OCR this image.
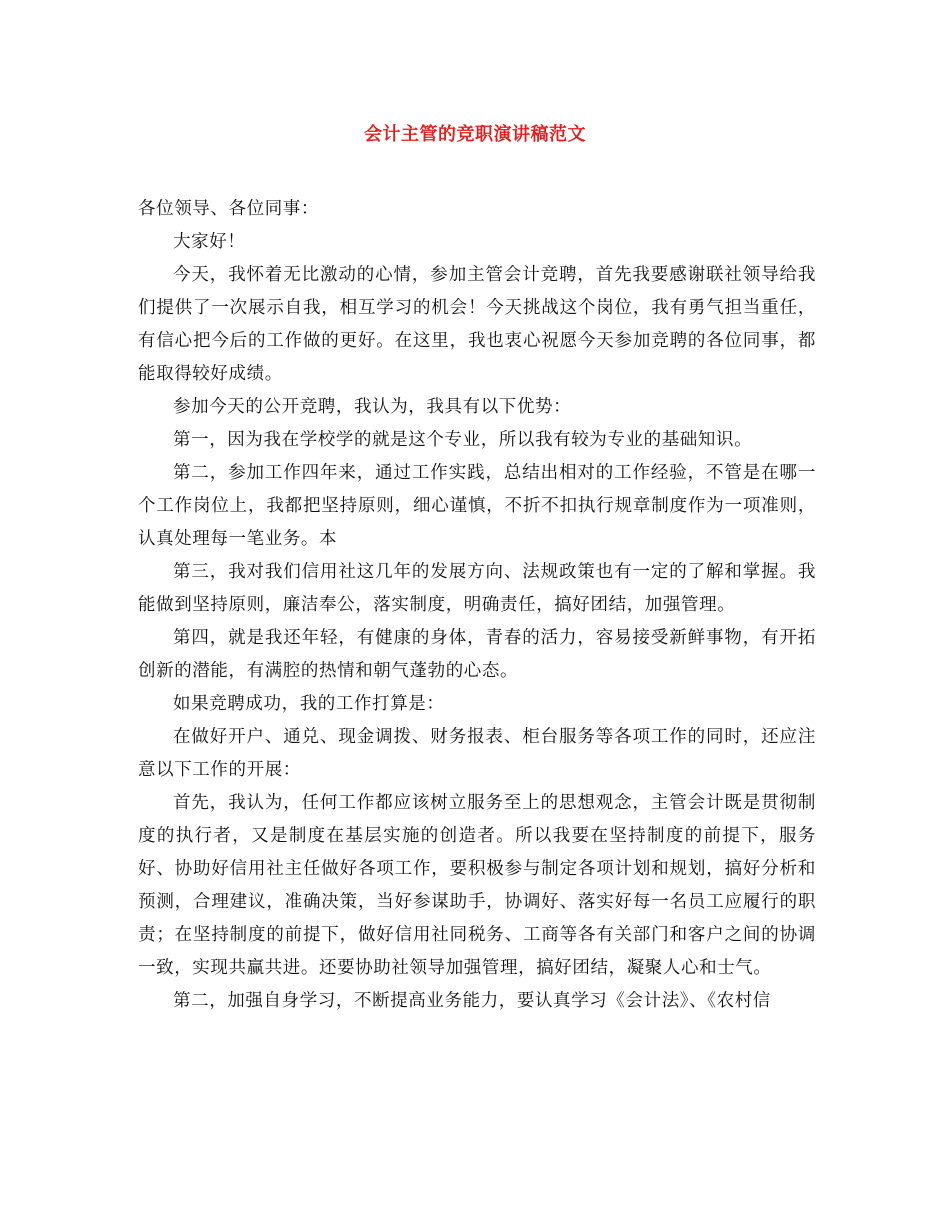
会计主管的竞职演讲稿范文

各位领导、各位同事：

大家好！

今天，我怀着无比激动的心情，参加主管会计竞聘，首先我要感谢联社领导给我们提供了一次展示自我，相互学习的机会！今天挑战这个岗位，我有勇气担当重任，有信心把今后的工作做的更好。在这里，我也衷心祝愿今天参加竞聘的各位同事，都能取得较好成绩。

参加今天的公开竞聘，我认为，我具有以下优势：

第一，因为我在学校学的就是这个专业，所以我有较为专业的基础知识。

第二，参加工作四年来，通过工作实践，总结出相对的工作经验，不管是在哪一个工作岗位上，我都把坚持原则，细心谨慎，不折不扣执行规章制度作为一项准则，认真处理每一笔业务。本

第三，我对我们信用社这几年的发展方向、法规政策也有一定的了解和掌握。我能做到坚持原则，廉洁奉公，落实制度，明确责任，搞好团结，加强管理。

第四，就是我还年轻，有健康的身体，青春的活力，容易接受新鲜事物，有开拓创新的潜能，有满腔的热情和朝气蓬勃的心态。

如果竞聘成功，我的工作打算是：

在做好开户、通兑、现金调拨、财务报表、柜台服务等各项工作的同时，还应注意以下工作的开展：

首先，我认为，任何工作都应该树立服务至上的思想观念，主管会计既是贯彻制度的执行者，又是制度在基层实施的创造者。所以我要在坚持制度的前提下，服务好、协助好信用社主任做好各项工作，要积极参与制定各项计划和规划，搞好分析和预测，合理建议，准确决策，当好参谋助手，协调好、落实好每一名员工应履行的职责；在坚持制度的前提下，做好信用社同税务、工商等各有关部门和客户之间的协调一致，实现共赢共进。还要协助社领导加强管理，搞好团结，凝聚人心和士气。

第二，加强自身学习，不断提高业务能力，要认真学习《会计法》、《农村信
